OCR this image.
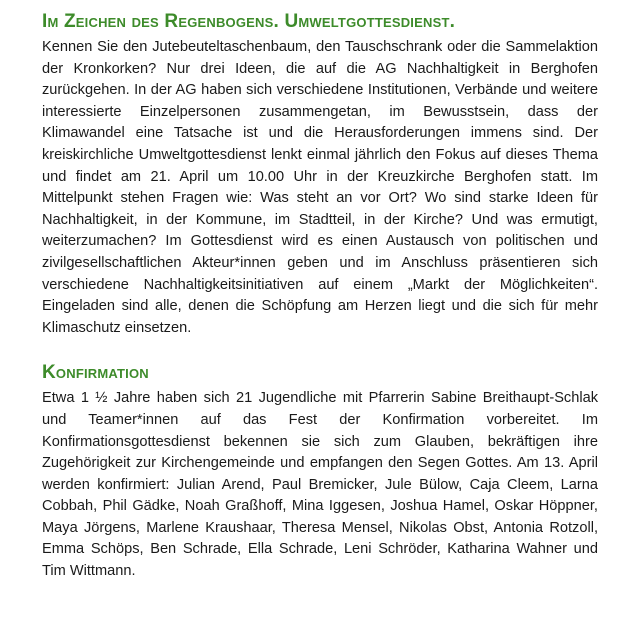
Im Zeichen des Regenbogens. Umweltgottesdienst.

Kennen Sie den Jutebeuteltaschenbaum, den Tauschschrank oder die Sammelaktion der Kronkorken? Nur drei Ideen, die auf die AG Nachhaltigkeit in Berghofen zurückgehen. In der AG haben sich verschiedene Institutionen, Verbände und weitere interessierte Einzelpersonen zusammengetan, im Bewusstsein, dass der Klimawandel eine Tatsache ist und die Herausforderungen immens sind. Der kreiskirchliche Umweltgottesdienst lenkt einmal jährlich den Fokus auf dieses Thema und findet am 21. April um 10.00 Uhr in der Kreuzkirche Berghofen statt. Im Mittelpunkt stehen Fragen wie: Was steht an vor Ort? Wo sind starke Ideen für Nachhaltigkeit, in der Kommune, im Stadtteil, in der Kirche? Und was ermutigt, weiterzumachen? Im Gottesdienst wird es einen Austausch von politischen und zivilgesellschaftlichen Akteur*innen geben und im Anschluss präsentieren sich verschiedene Nachhaltigkeitsinitiativen auf einem „Markt der Möglichkeiten“. Eingeladen sind alle, denen die Schöpfung am Herzen liegt und die sich für mehr Klimaschutz einsetzen.

Konfirmation

Etwa 1 ½ Jahre haben sich 21 Jugendliche mit Pfarrerin Sabine Breithaupt-Schlak und Teamer*innen auf das Fest der Konfirmation vorbereitet. Im Konfirmationsgottesdienst bekennen sie sich zum Glauben, bekräftigen ihre Zugehörigkeit zur Kirchengemeinde und empfangen den Segen Gottes. Am 13. April werden konfirmiert: Julian Arend, Paul Bremicker, Jule Bülow, Caja Cleem, Larna Cobbah, Phil Gädke, Noah Graßhoff, Mina Iggesen, Joshua Hamel, Oskar Höppner, Maya Jörgens, Marlene Kraushaar, Theresa Mensel, Nikolas Obst, Antonia Rotzoll, Emma Schöps, Ben Schrade, Ella Schrade, Leni Schröder, Katharina Wahner und Tim Wittmann.
